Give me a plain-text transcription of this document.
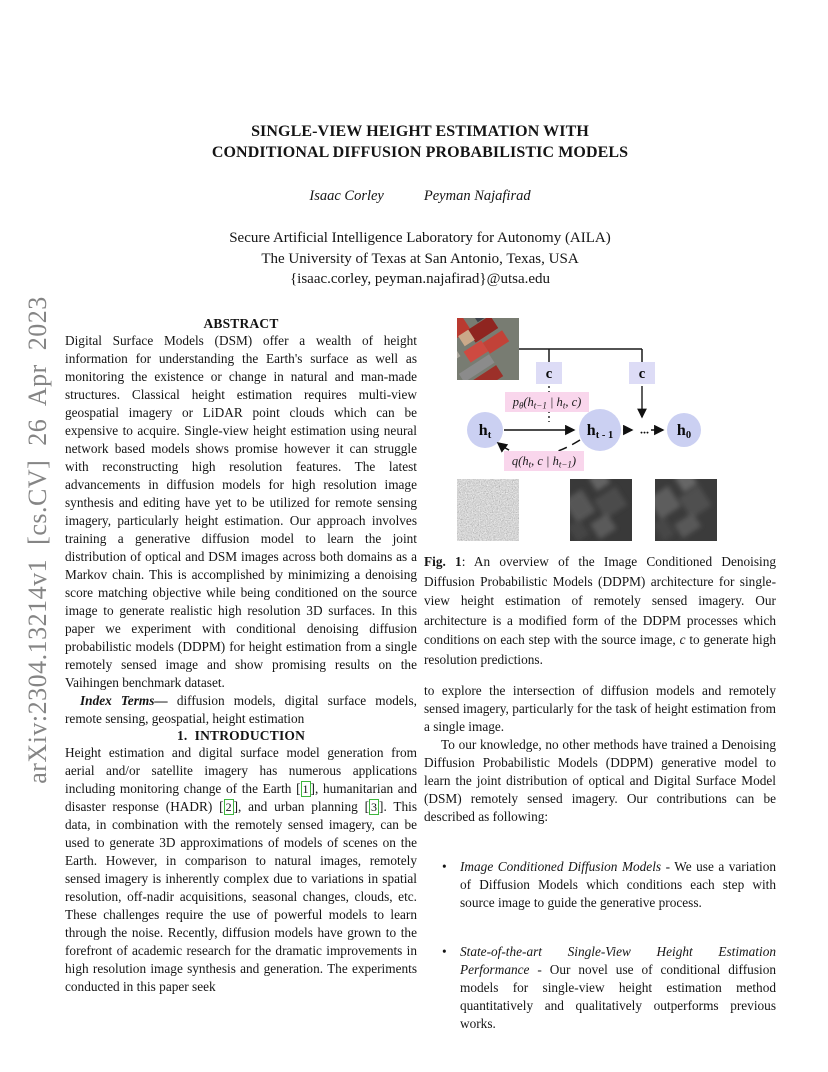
arXiv:2304.13214v1 [cs.CV] 26 Apr 2023
SINGLE-VIEW HEIGHT ESTIMATION WITH
CONDITIONAL DIFFUSION PROBABILISTIC MODELS
Isaac Corley	Peyman Najafirad
Secure Artificial Intelligence Laboratory for Autonomy (AILA)
The University of Texas at San Antonio, Texas, USA
{isaac.corley, peyman.najafirad}@utsa.edu
ABSTRACT

Digital Surface Models (DSM) offer a wealth of height information for understanding the Earth's surface as well as monitoring the existence or change in natural and man-made structures. Classical height estimation requires multi-view geospatial imagery or LiDAR point clouds which can be expensive to acquire. Single-view height estimation using neural network based models shows promise however it can struggle with reconstructing high resolution features. The latest advancements in diffusion models for high resolution image synthesis and editing have yet to be utilized for remote sensing imagery, particularly height estimation. Our approach involves training a generative diffusion model to learn the joint distribution of optical and DSM images across both domains as a Markov chain. This is accomplished by minimizing a denoising score matching objective while being conditioned on the source image to generate realistic high resolution 3D surfaces. In this paper we experiment with conditional denoising diffusion probabilistic models (DDPM) for height estimation from a single remotely sensed image and show promising results on the Vaihingen benchmark dataset.

Index Terms— diffusion models, digital surface models, remote sensing, geospatial, height estimation

1.  INTRODUCTION

Height estimation and digital surface model generation from aerial and/or satellite imagery has numerous applications including monitoring change of the Earth [ 1 ], humanitarian and disaster response (HADR) [ 2 ], and urban planning [ 3 ]. This data, in combination with the remotely sensed imagery, can be used to generate 3D approximations of models of scenes on the Earth. However, in comparison to natural images, remotely sensed imagery is inherently complex due to variations in spatial resolution, off-nadir acquisitions, seasonal changes, clouds, etc. These challenges require the use of powerful models to learn through the noise. Recently, diffusion models have grown to the forefront of academic research for the dramatic improvements in high resolution image synthesis and generation. The experiments conducted in this paper seek

c	c
...
ht	ht - 1	h0
$p_\theta(h_{t-1}$ | $h_t$, c)
$q(h_t$, c | $h_{t-1}$)

Fig. 1: An overview of the Image Conditioned Denoising Diffusion Probabilistic Models (DDPM) architecture for single-view height estimation of remotely sensed imagery. Our architecture is a modified form of the DDPM processes which conditions on each step with the source image, c to generate high resolution predictions.

to explore the intersection of diffusion models and remotely sensed imagery, particularly for the task of height estimation from a single image.

To our knowledge, no other methods have trained a Denoising Diffusion Probabilistic Models (DDPM) generative model to learn the joint distribution of optical and Digital Surface Model (DSM) remotely sensed imagery. Our contributions can be described as following:

• Image Conditioned Diffusion Models - We use a variation of Diffusion Models which conditions each step with source image to guide the generative process.
• State-of-the-art Single-View Height Estimation Performance - Our novel use of conditional diffusion models for single-view height estimation method quantitatively and qualitatively outperforms previous works.
